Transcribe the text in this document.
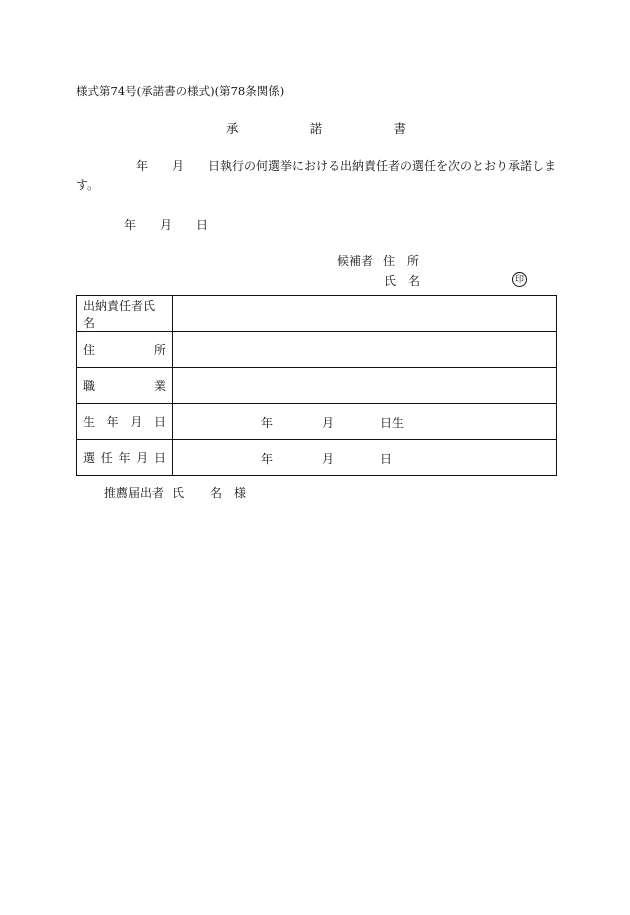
様式第74号(承諾書の様式)(第78条関係)
承	諾	書
年 月 日執行の何選挙における出納責任者の選任を次のとおり承諾しま
す。
年 月 日
候補者 住　所
氏　名	印
出納責任者氏名	

住 所	

職 業	

生 年 月 日	年 月 日生

選 任 年 月 日	年 月 日
推薦届出者 氏 名 様
